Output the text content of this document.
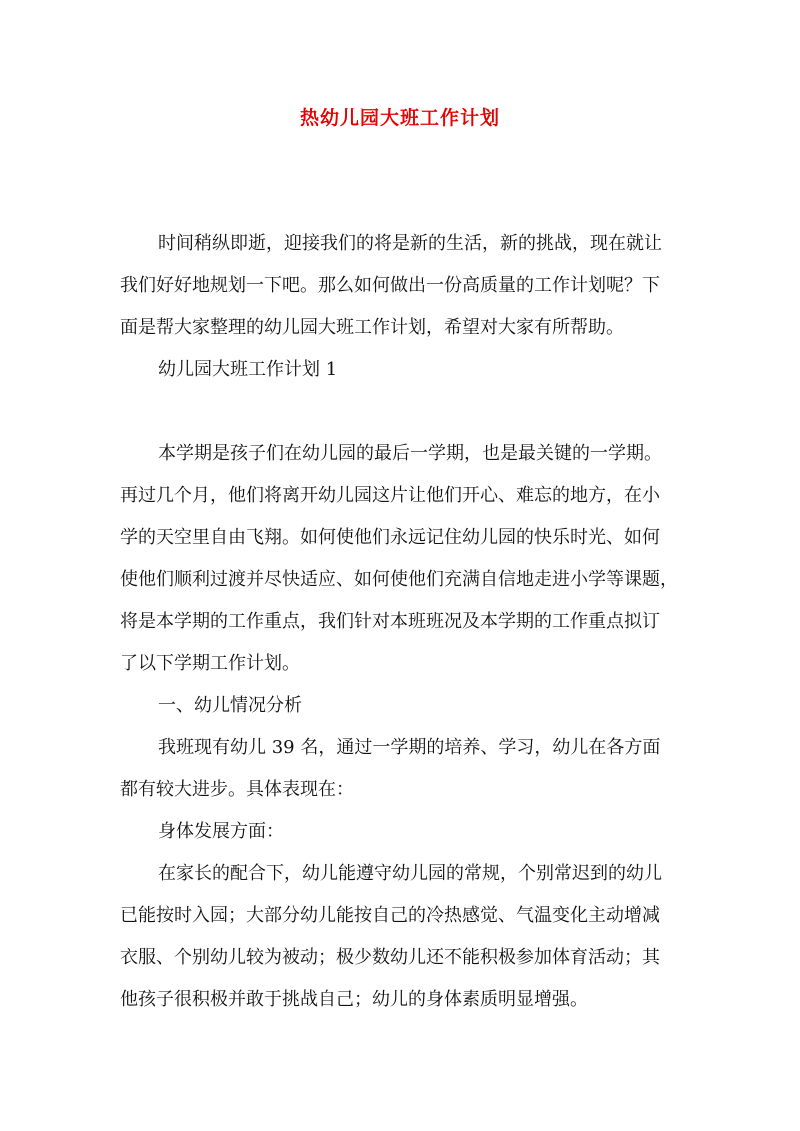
热幼儿园大班工作计划
时间稍纵即逝，迎接我们的将是新的生活，新的挑战，现在就让
我们好好地规划一下吧。那么如何做出一份高质量的工作计划呢？下
面是帮大家整理的幼儿园大班工作计划，希望对大家有所帮助。
幼儿园大班工作计划 1
本学期是孩子们在幼儿园的最后一学期，也是最关键的一学期。
再过几个月，他们将离开幼儿园这片让他们开心、难忘的地方，在小
学的天空里自由飞翔。如何使他们永远记住幼儿园的快乐时光、如何
使他们顺利过渡并尽快适应、如何使他们充满自信地走进小学等课题，
将是本学期的工作重点，我们针对本班班况及本学期的工作重点拟订
了以下学期工作计划。
一、幼儿情况分析
我班现有幼儿 39 名，通过一学期的培养、学习，幼儿在各方面
都有较大进步。具体表现在：
身体发展方面：
在家长的配合下，幼儿能遵守幼儿园的常规，个别常迟到的幼儿
已能按时入园；大部分幼儿能按自己的冷热感觉、气温变化主动增减
衣服、个别幼儿较为被动；极少数幼儿还不能积极参加体育活动；其
他孩子很积极并敢于挑战自己；幼儿的身体素质明显增强。
